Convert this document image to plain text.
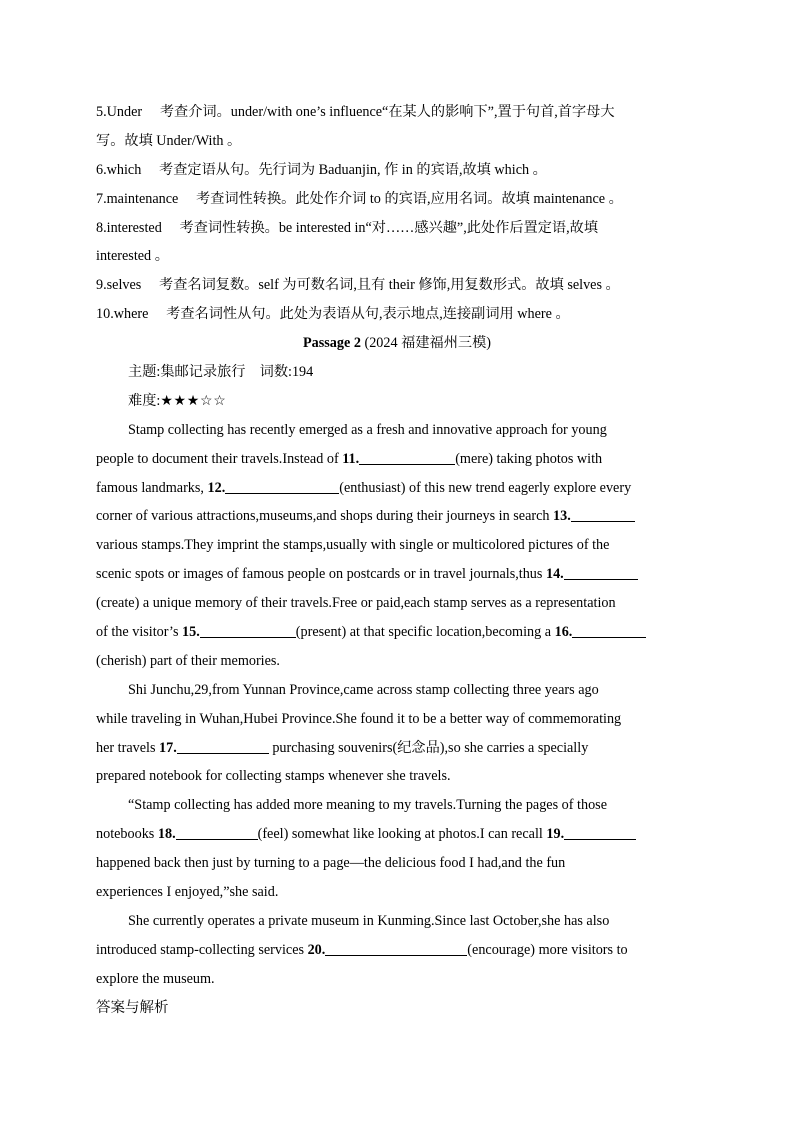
5.Under　 考查介词。under/with one’s influence“在某人的影响下”,置于句首,首字母大
写。故填 Under/With 。
6.which　 考查定语从句。先行词为 Baduanjin, 作 in 的宾语,故填 which 。
7.maintenance　 考查词性转换。此处作介词 to 的宾语,应用名词。故填 maintenance 。
8.interested　 考查词性转换。be interested in“对……感兴趣”,此处作后置定语,故填
interested 。
9.selves　 考查名词复数。self 为可数名词,且有 their 修饰,用复数形式。故填 selves 。
10.where　 考查名词性从句。此处为表语从句,表示地点,连接副词用 where 。
Passage 2 (2024 福建福州三模)
主题:集邮记录旅行　词数:194
难度:★★★☆☆
Stamp collecting has recently emerged as a fresh and innovative approach for young
people to document their travels.Instead of 11.	(mere) taking photos with
famous landmarks, 12.	(enthusiast) of this new trend eagerly explore every
corner of various attractions,museums,and shops during their journeys in search 13.
various stamps.They imprint the stamps,usually with single or multicolored pictures of the
scenic spots or images of famous people on postcards or in travel journals,thus 14.
(create) a unique memory of their travels.Free or paid,each stamp serves as a representation
of the visitor’s 15.	(present) at that specific location,becoming a 16.
(cherish) part of their memories.
Shi Junchu,29,from Yunnan Province,came across stamp collecting three years ago
while traveling in Wuhan,Hubei Province.She found it to be a better way of commemorating
her travels 17.	purchasing souvenirs(纪念品),so she carries a specially
prepared notebook for collecting stamps whenever she travels.
“Stamp collecting has added more meaning to my travels.Turning the pages of those
notebooks 18.	(feel) somewhat like looking at photos.I can recall 19.
happened back then just by turning to a page—the delicious food I had,and the fun
experiences I enjoyed,”she said.
She currently operates a private museum in Kunming.Since last October,she has also
introduced stamp-collecting services 20.	(encourage) more visitors to
explore the museum.
答案与解析
